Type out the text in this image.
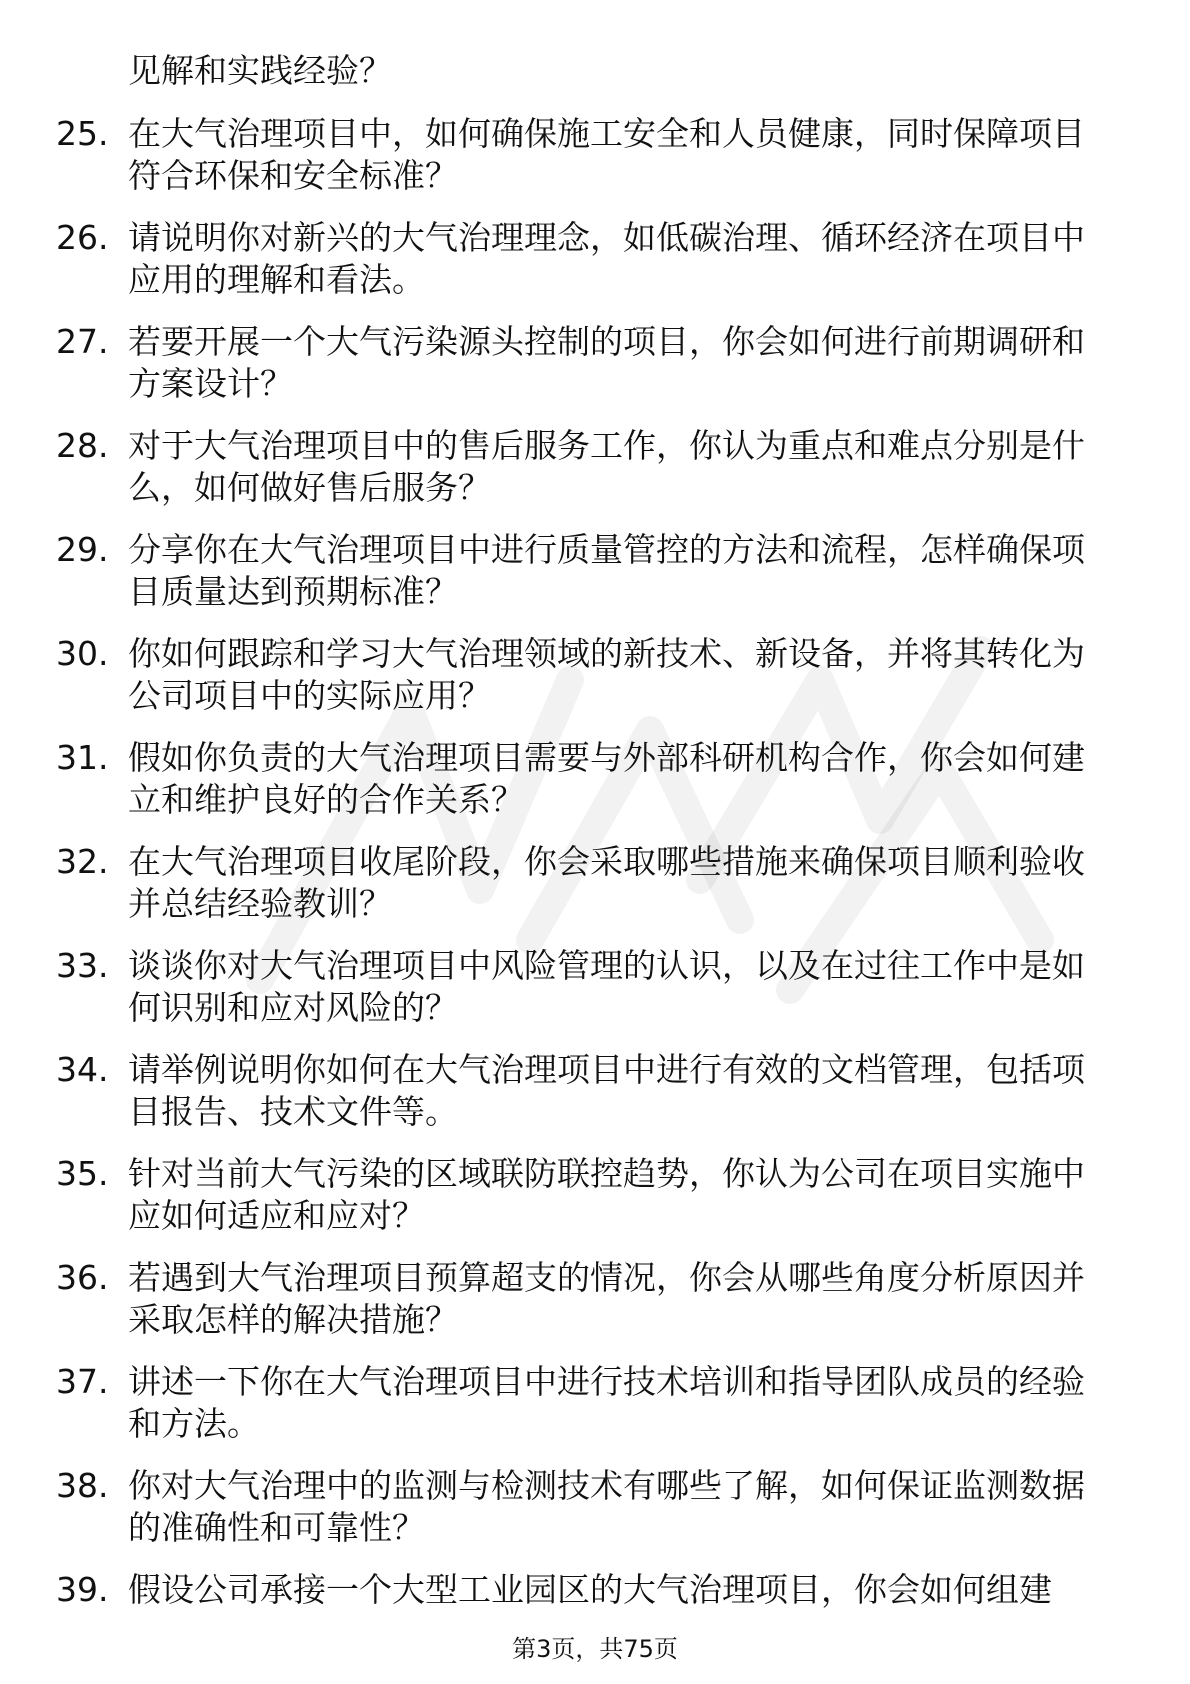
见解和实践经验？
25. 在大气治理项目中，如何确保施工安全和人员健康，同时保障项目符合环保和安全标准？
26. 请说明你对新兴的大气治理理念，如低碳治理、循环经济在项目中应用的理解和看法。
27. 若要开展一个大气污染源头控制的项目，你会如何进行前期调研和方案设计？
28. 对于大气治理项目中的售后服务工作，你认为重点和难点分别是什么，如何做好售后服务？
29. 分享你在大气治理项目中进行质量管控的方法和流程，怎样确保项目质量达到预期标准？
30. 你如何跟踪和学习大气治理领域的新技术、新设备，并将其转化为公司项目中的实际应用？
31. 假如你负责的大气治理项目需要与外部科研机构合作，你会如何建立和维护良好的合作关系？
32. 在大气治理项目收尾阶段，你会采取哪些措施来确保项目顺利验收并总结经验教训？
33. 谈谈你对大气治理项目中风险管理的认识，以及在过往工作中是如何识别和应对风险的？
34. 请举例说明你如何在大气治理项目中进行有效的文档管理，包括项目报告、技术文件等。
35. 针对当前大气污染的区域联防联控趋势，你认为公司在项目实施中应如何适应和应对？
36. 若遇到大气治理项目预算超支的情况，你会从哪些角度分析原因并采取怎样的解决措施？
37. 讲述一下你在大气治理项目中进行技术培训和指导团队成员的经验和方法。
38. 你对大气治理中的监测与检测技术有哪些了解，如何保证监测数据的准确性和可靠性？
39. 假设公司承接一个大型工业园区的大气治理项目，你会如何组建
第3页，共75页
